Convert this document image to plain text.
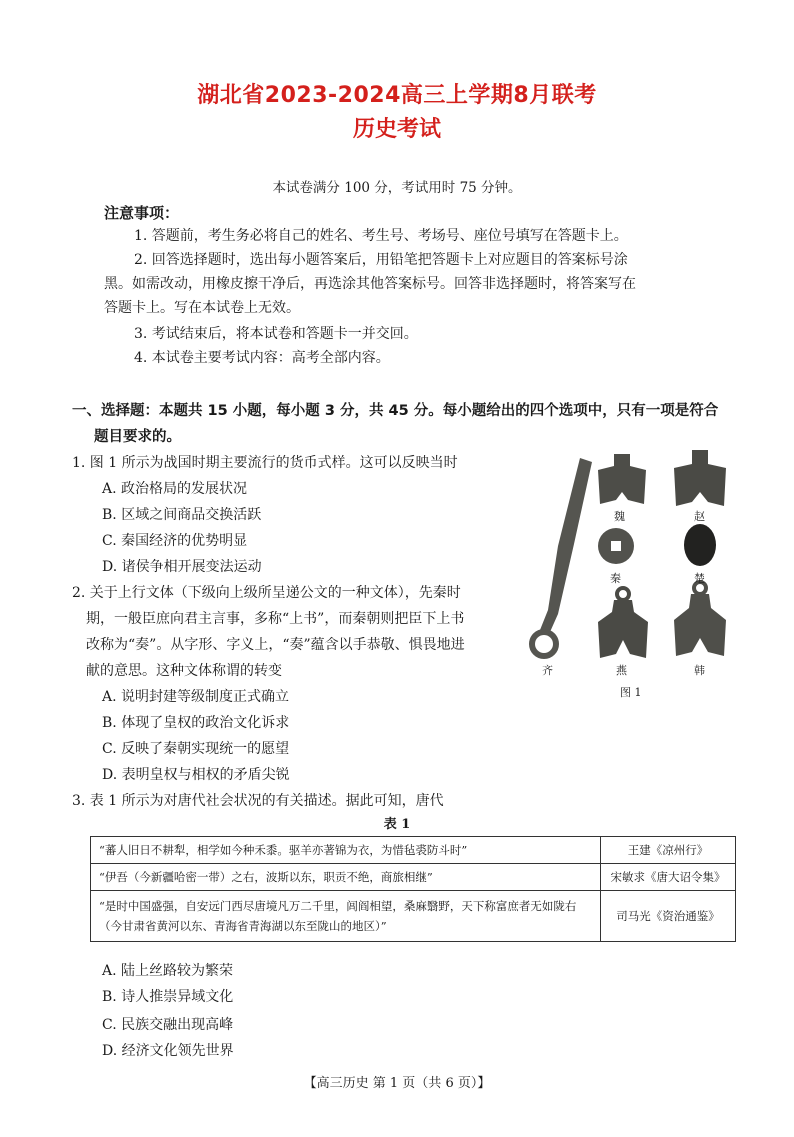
湖北省2023-2024高三上学期8月联考
历史考试
本试卷满分 100 分，考试用时 75 分钟。
注意事项：
1. 答题前，考生务必将自己的姓名、考生号、考场号、座位号填写在答题卡上。
2. 回答选择题时，选出每小题答案后，用铅笔把答题卡上对应题目的答案标号涂
黑。如需改动，用橡皮擦干净后，再选涂其他答案标号。回答非选择题时，将答案写在
答题卡上。写在本试卷上无效。
3. 考试结束后，将本试卷和答题卡一并交回。
4. 本试卷主要考试内容：高考全部内容。
一、选择题：本题共 15 小题，每小题 3 分，共 45 分。每小题给出的四个选项中，只有一项是符合
题目要求的。
1. 图 1 所示为战国时期主要流行的货币式样。这可以反映当时
A. 政治格局的发展状况
B. 区域之间商品交换活跃
C. 秦国经济的优势明显
D. 诸侯争相开展变法运动
2. 关于上行文体（下级向上级所呈递公文的一种文体），先秦时
期，一般臣庶向君主言事，多称“上书”，而秦朝则把臣下上书
改称为“奏”。从字形、字义上，“奏”蕴含以手恭敬、惧畏地进
献的意思。这种文体称谓的转变
A. 说明封建等级制度正式确立
B. 体现了皇权的政治文化诉求
C. 反映了秦朝实现统一的愿望
D. 表明皇权与相权的矛盾尖锐
魏	赵
秦	楚
齐	燕	韩
图 1
3. 表 1 所示为对唐代社会状况的有关描述。据此可知，唐代
表 1
“蕃人旧日不耕犁，相学如今种禾黍。驱羊亦著锦为衣，为惜毡裘防斗时”	王建《凉州行》
“伊吾（今新疆哈密一带）之右，波斯以东，职贡不绝，商旅相继”	宋敏求《唐大诏令集》
“是时中国盛强，自安远门西尽唐境凡万二千里，闾阎相望，桑麻翳野，天下称富庶者无如陇右（今甘肃省黄河以东、青海省青海湖以东至陇山的地区）”	司马光《资治通鉴》
A. 陆上丝路较为繁荣
B. 诗人推崇异域文化
C. 民族交融出现高峰
D. 经济文化领先世界
【高三历史 第 1 页（共 6 页）】
